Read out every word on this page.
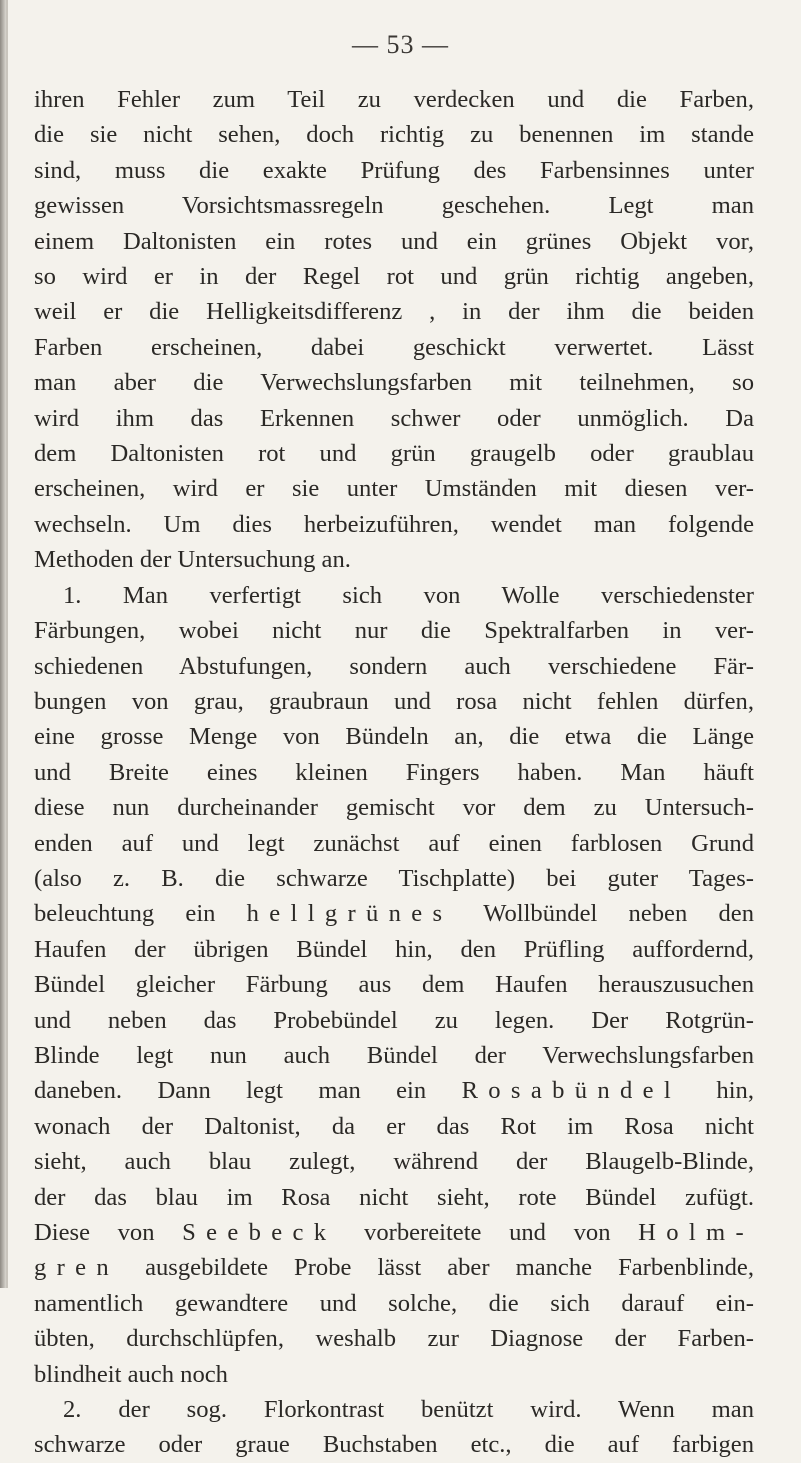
— 53 —
ihren Fehler zum Teil zu verdecken und die Farben,
die sie nicht sehen, doch richtig zu benennen im stande
sind, muss die exakte Prüfung des Farbensinnes unter
gewissen Vorsichtsmassregeln geschehen. Legt man
einem Daltonisten ein rotes und ein grünes Objekt vor,
so wird er in der Regel rot und grün richtig angeben,
weil er die Helligkeitsdifferenz , in der ihm die beiden
Farben erscheinen, dabei geschickt verwertet. Lässt
man aber die Verwechslungsfarben mit teilnehmen, so
wird ihm das Erkennen schwer oder unmöglich. Da
dem Daltonisten rot und grün graugelb oder graublau
erscheinen, wird er sie unter Umständen mit diesen ver-
wechseln. Um dies herbeizuführen, wendet man folgende
Methoden der Untersuchung an.
1. Man verfertigt sich von Wolle verschiedenster
Färbungen, wobei nicht nur die Spektralfarben in ver-
schiedenen Abstufungen, sondern auch verschiedene Fär-
bungen von grau, graubraun und rosa nicht fehlen dürfen,
eine grosse Menge von Bündeln an, die etwa die Länge
und Breite eines kleinen Fingers haben. Man häuft
diese nun durcheinander gemischt vor dem zu Untersuch-
enden auf und legt zunächst auf einen farblosen Grund
(also z. B. die schwarze Tischplatte) bei guter Tages-
beleuchtung ein hellgrünes Wollbündel neben den
Haufen der übrigen Bündel hin, den Prüfling auffordernd,
Bündel gleicher Färbung aus dem Haufen herauszusuchen
und neben das Probebündel zu legen. Der Rotgrün-
Blinde legt nun auch Bündel der Verwechslungsfarben
daneben. Dann legt man ein Rosabündel hin,
wonach der Daltonist, da er das Rot im Rosa nicht
sieht, auch blau zulegt, während der Blaugelb-Blinde,
der das blau im Rosa nicht sieht, rote Bündel zufügt.
Diese von Seebeck vorbereitete und von Holm-
gren ausgebildete Probe lässt aber manche Farbenblinde,
namentlich gewandtere und solche, die sich darauf ein-
übten, durchschlüpfen, weshalb zur Diagnose der Farben-
blindheit auch noch
2. der sog. Florkontrast benützt wird. Wenn man
schwarze oder graue Buchstaben etc., die auf farbigen
